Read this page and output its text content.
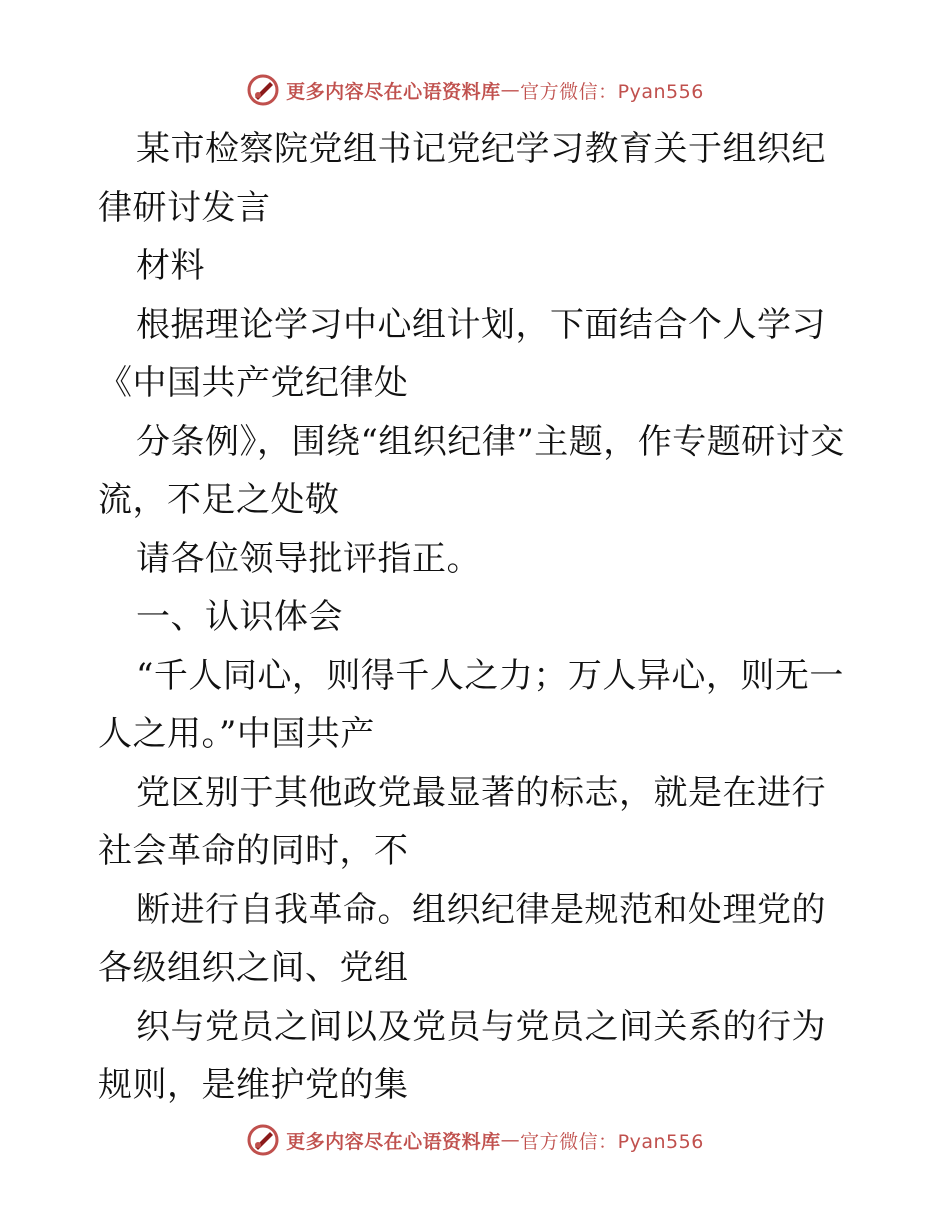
更多内容尽在心语资料库 — 官方微信：Pyan556

某市检察院党组书记党纪学习教育关于组织纪律研讨发言

材料

根据理论学习中心组计划，下面结合个人学习《中国共产党纪律处

分条例》，围绕“组织纪律”主题，作专题研讨交流，不足之处敬

请各位领导批评指正。

一、认识体会

“千人同心，则得千人之力；万人异心，则无一人之用。”中国共产

党区别于其他政党最显著的标志，就是在进行社会革命的同时，不

断进行自我革命。组织纪律是规范和处理党的各级组织之间、党组

织与党员之间以及党员与党员之间关系的行为规则，是维护党的集

更多内容尽在心语资料库 — 官方微信：Pyan556
